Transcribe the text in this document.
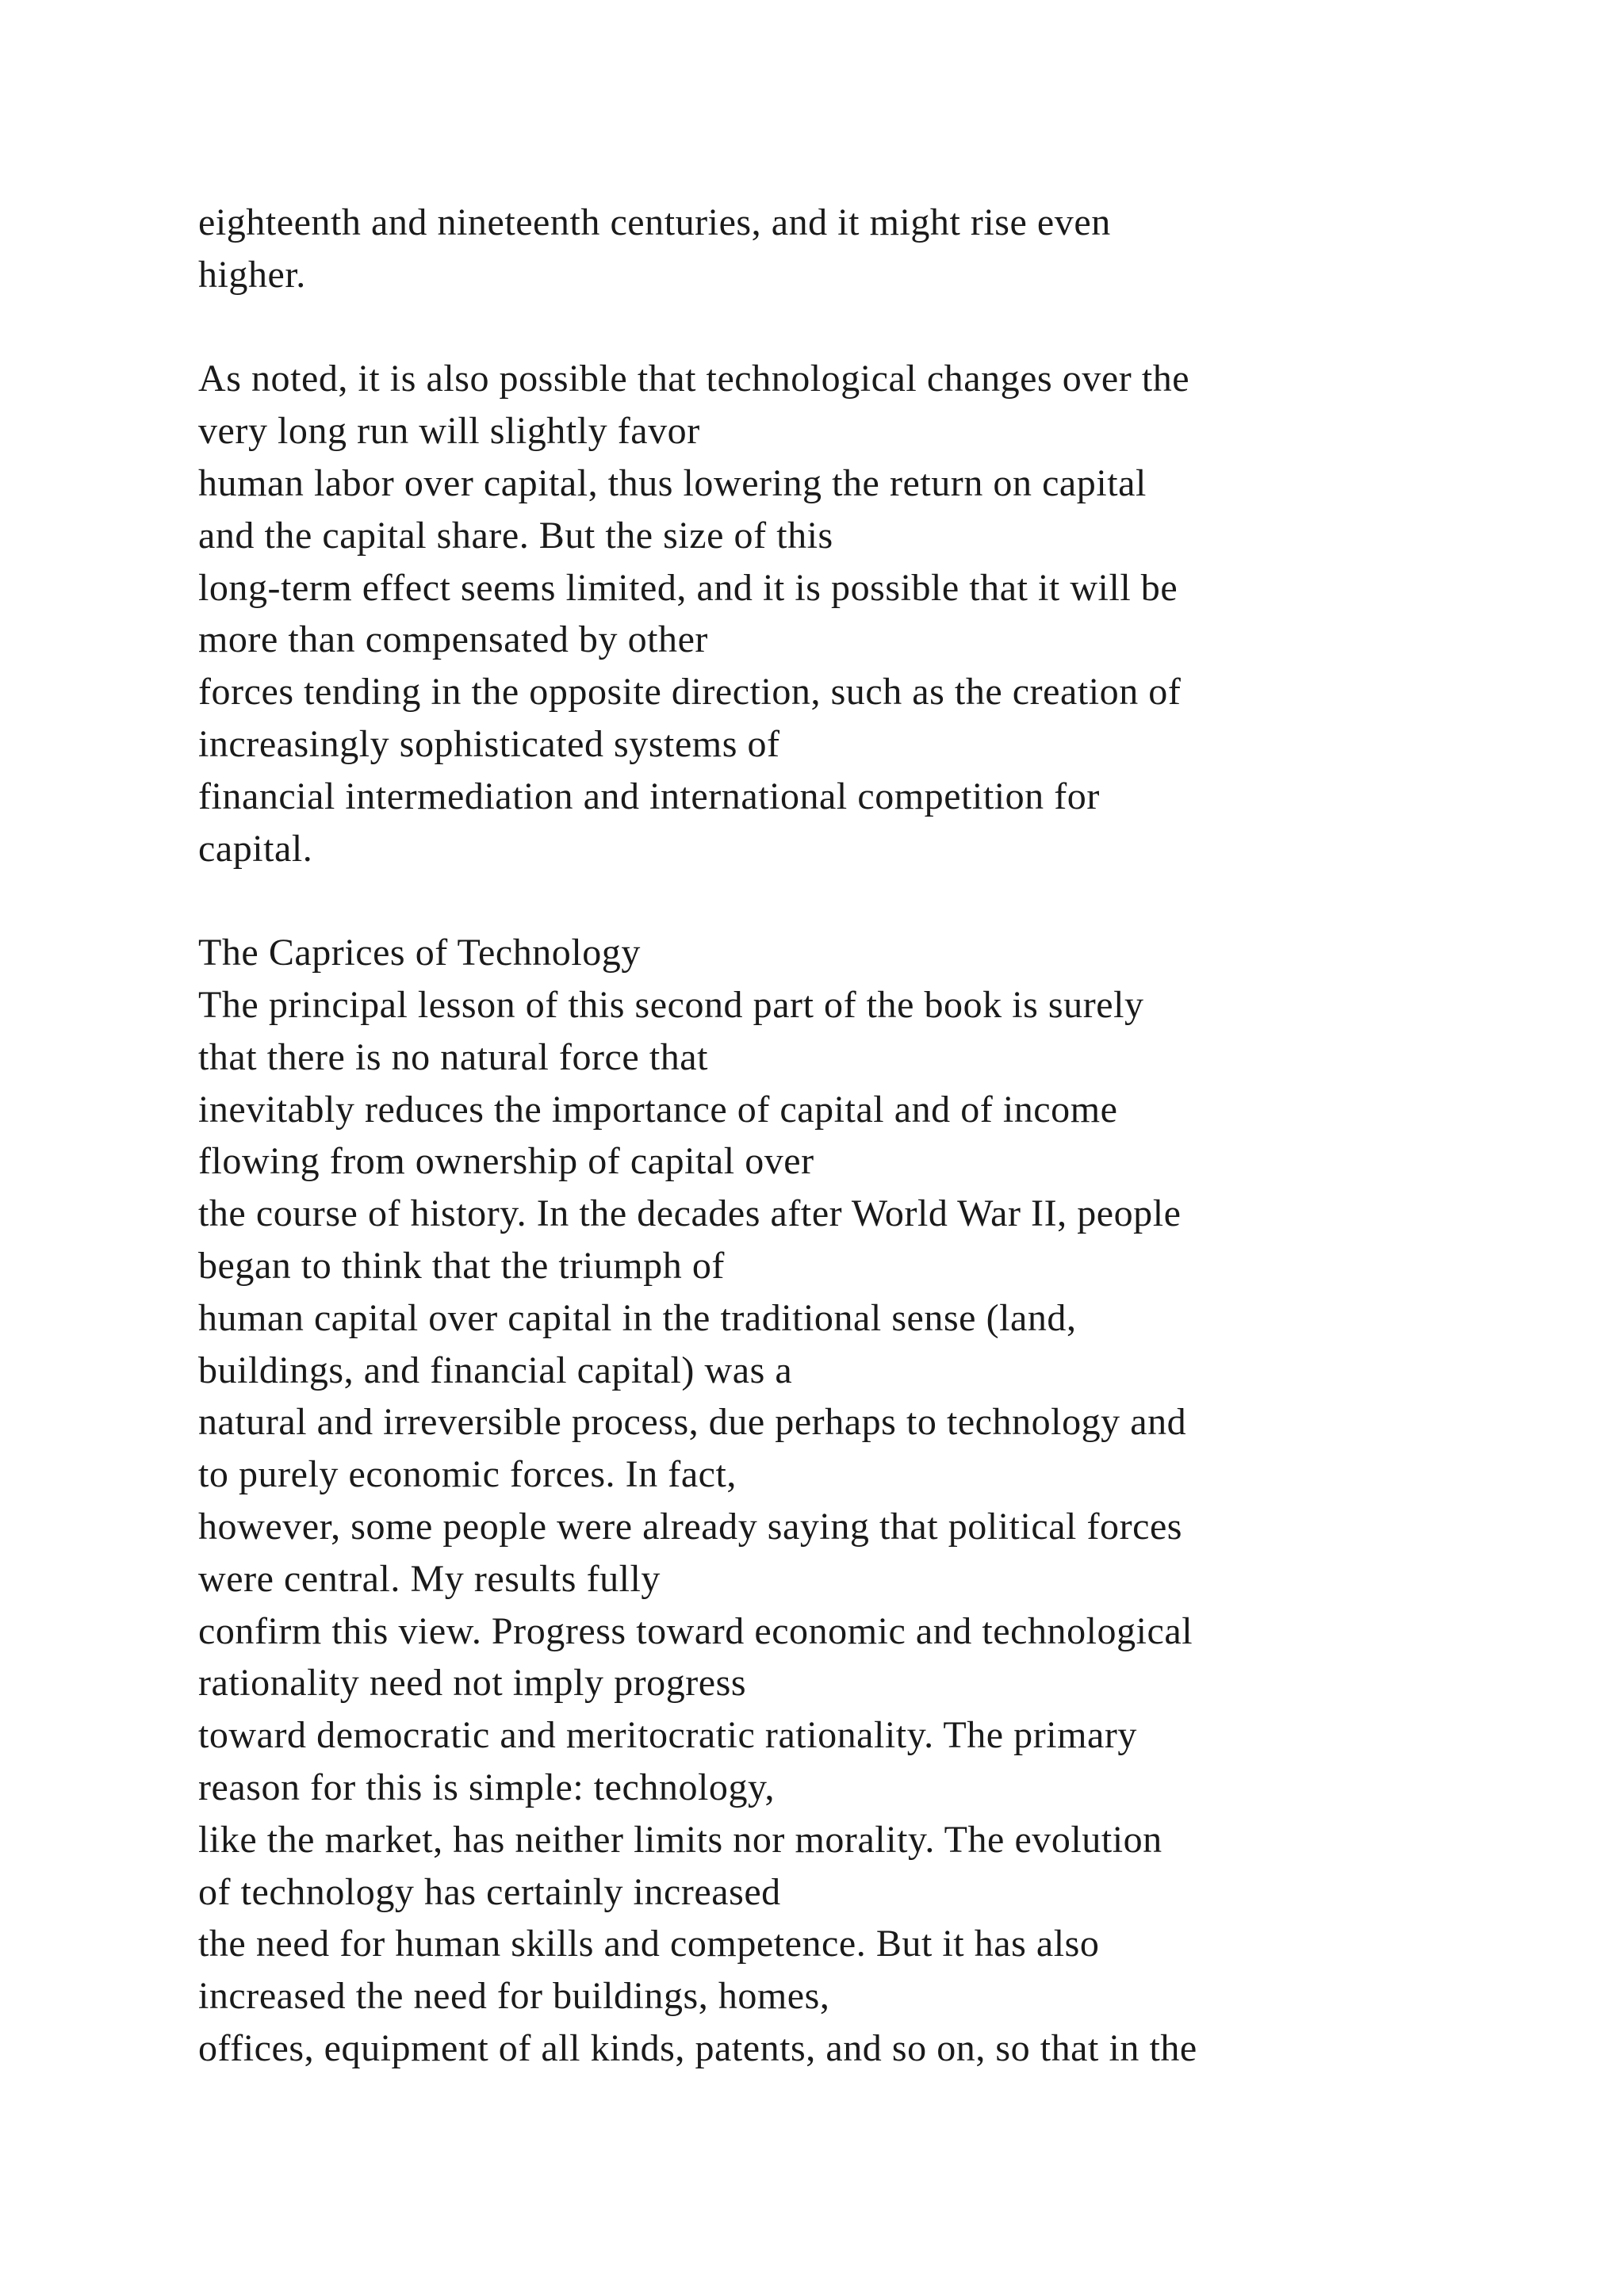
eighteenth and nineteenth centuries, and it might rise even
higher.
As noted, it is also possible that technological changes over the
very long run will slightly favor
human labor over capital, thus lowering the return on capital
and the capital share. But the size of this
long-term effect seems limited, and it is possible that it will be
more than compensated by other
forces tending in the opposite direction, such as the creation of
increasingly sophisticated systems of
financial intermediation and international competition for
capital.
The Caprices of Technology
The principal lesson of this second part of the book is surely
that there is no natural force that
inevitably reduces the importance of capital and of income
flowing from ownership of capital over
the course of history. In the decades after World War II, people
began to think that the triumph of
human capital over capital in the traditional sense (land,
buildings, and financial capital) was a
natural and irreversible process, due perhaps to technology and
to purely economic forces. In fact,
however, some people were already saying that political forces
were central. My results fully
confirm this view. Progress toward economic and technological
rationality need not imply progress
toward democratic and meritocratic rationality. The primary
reason for this is simple: technology,
like the market, has neither limits nor morality. The evolution
of technology has certainly increased
the need for human skills and competence. But it has also
increased the need for buildings, homes,
offices, equipment of all kinds, patents, and so on, so that in the
